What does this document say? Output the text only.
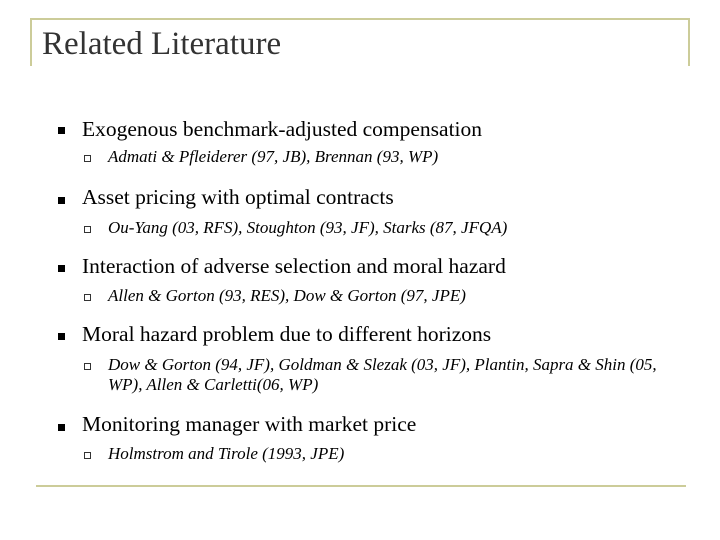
Related Literature
Exogenous benchmark-adjusted compensation
Admati & Pfleiderer (97, JB), Brennan (93, WP)
Asset pricing with optimal contracts
Ou-Yang (03, RFS), Stoughton (93, JF), Starks (87, JFQA)
Interaction of adverse selection and moral hazard
Allen & Gorton (93, RES), Dow & Gorton (97, JPE)
Moral hazard problem due to different horizons
Dow & Gorton (94, JF), Goldman & Slezak (03, JF), Plantin, Sapra & Shin (05, WP), Allen & Carletti(06, WP)
Monitoring manager with market price
Holmstrom and Tirole (1993, JPE)
